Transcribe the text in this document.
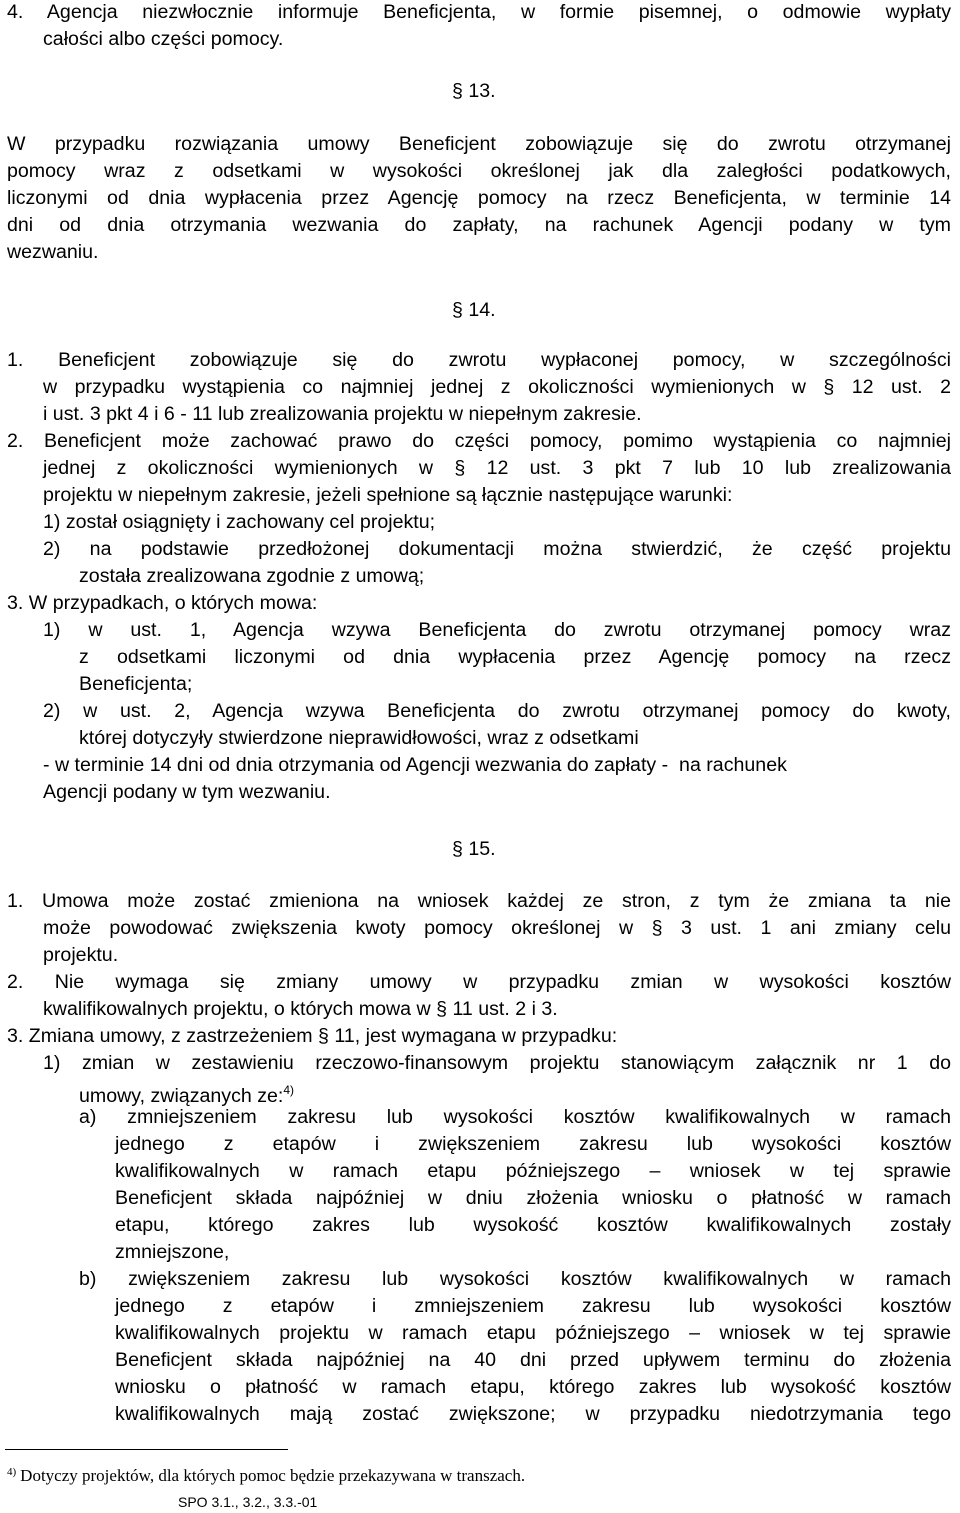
4. Agencja niezwłocznie informuje Beneficjenta, w formie pisemnej, o odmowie wypłaty
całości albo części pomocy.
§ 13.
W przypadku rozwiązania umowy Beneficjent zobowiązuje się do zwrotu otrzymanej
pomocy wraz z odsetkami w wysokości określonej jak dla zaległości podatkowych,
liczonymi od dnia wypłacenia przez Agencję pomocy na rzecz Beneficjenta, w terminie 14
dni od dnia otrzymania wezwania do zapłaty, na rachunek Agencji podany w tym
wezwaniu.
§ 14.
1. Beneficjent zobowiązuje się do zwrotu wypłaconej pomocy, w szczególności
w przypadku wystąpienia co najmniej jednej z okoliczności wymienionych w § 12 ust. 2
i ust. 3 pkt 4 i 6 - 11 lub zrealizowania projektu w niepełnym zakresie.
2. Beneficjent może zachować prawo do części pomocy, pomimo wystąpienia co najmniej
jednej z okoliczności wymienionych w § 12 ust. 3 pkt 7 lub 10 lub zrealizowania
projektu w niepełnym zakresie, jeżeli spełnione są łącznie następujące warunki:
1) został osiągnięty i zachowany cel projektu;
2) na podstawie przedłożonej dokumentacji można stwierdzić, że część projektu
została zrealizowana zgodnie z umową;
3. W przypadkach, o których mowa:
1) w ust. 1, Agencja wzywa Beneficjenta do zwrotu otrzymanej pomocy wraz
z odsetkami liczonymi od dnia wypłacenia przez Agencję pomocy na rzecz
Beneficjenta;
2) w ust. 2, Agencja wzywa Beneficjenta do zwrotu otrzymanej pomocy do kwoty,
której dotyczyły stwierdzone nieprawidłowości, wraz z odsetkami
- w terminie 14 dni od dnia otrzymania od Agencji wezwania do zapłaty -  na rachunek
Agencji podany w tym wezwaniu.
§ 15.
1. Umowa może zostać zmieniona na wniosek każdej ze stron, z tym że zmiana ta nie
może powodować zwiększenia kwoty pomocy określonej w § 3 ust. 1 ani zmiany celu
projektu.
2. Nie wymaga się zmiany umowy w przypadku zmian w wysokości kosztów
kwalifikowalnych projektu, o których mowa w § 11 ust. 2 i 3.
3. Zmiana umowy, z zastrzeżeniem § 11, jest wymagana w przypadku:
1) zmian w zestawieniu rzeczowo-finansowym projektu stanowiącym załącznik nr 1 do
umowy, związanych ze:$^{4)}$
a) zmniejszeniem zakresu lub wysokości kosztów kwalifikowalnych w ramach
jednego z etapów i zwiększeniem zakresu lub wysokości kosztów
kwalifikowalnych w ramach etapu późniejszego – wniosek w tej sprawie
Beneficjent składa najpóźniej w dniu złożenia wniosku o płatność w ramach
etapu, którego zakres lub wysokość kosztów kwalifikowalnych zostały
zmniejszone,
b) zwiększeniem zakresu lub wysokości kosztów kwalifikowalnych w ramach
jednego z etapów i zmniejszeniem zakresu lub wysokości kosztów
kwalifikowalnych projektu w ramach etapu późniejszego – wniosek w tej sprawie
Beneficjent składa najpóźniej na 40 dni przed upływem terminu do złożenia
wniosku o płatność w ramach etapu, którego zakres lub wysokość kosztów
kwalifikowalnych mają zostać zwiększone; w przypadku niedotrzymania tego
$^{4)}$ Dotyczy projektów, dla których pomoc będzie przekazywana w transzach.
SPO 3.1., 3.2., 3.3.-01
